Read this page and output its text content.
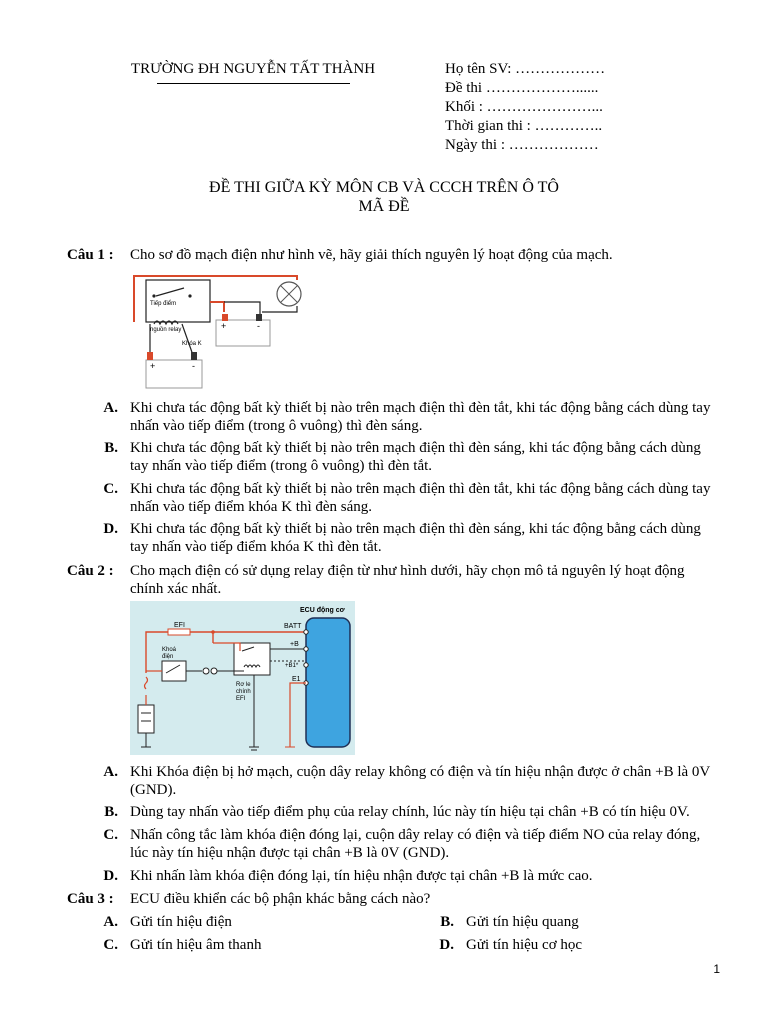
TRƯỜNG ĐH NGUYỄN TẤT THÀNH	Họ tên SV: ………………
Đề thi ………………......
Khối : …………………...
Thời gian thi : …………..
Ngày thi : ………………
ĐỀ THI GIỮA KỲ MÔN CB VÀ CCCH TRÊN Ô TÔ
MÃ ĐỀ
Câu 1 : Cho sơ đồ mạch điện như hình vẽ, hãy giải thích nguyên lý hoạt động của mạch.
Tiếp điểm
nguồn relay
Khóa K
+	-
+	-
A. Khi chưa tác động bất kỳ thiết bị nào trên mạch điện thì đèn tắt, khi tác động bằng cách dùng tay
nhấn vào tiếp điểm (trong ô vuông) thì đèn sáng.
B. Khi chưa tác động bất kỳ thiết bị nào trên mạch điện thì đèn sáng, khi tác động bằng cách dùng
tay nhấn vào tiếp điểm (trong ô vuông) thì đèn tắt.
C. Khi chưa tác động bất kỳ thiết bị nào trên mạch điện thì đèn tắt, khi tác động bằng cách dùng tay
nhấn vào tiếp điểm khóa K thì đèn sáng.
D. Khi chưa tác động bất kỳ thiết bị nào trên mạch điện thì đèn sáng, khi tác động bằng cách dùng
tay nhấn vào tiếp điểm khóa K thì đèn tắt.
Câu 2 : Cho mạch điện có sử dụng relay điện từ như hình dưới, hãy chọn mô tả nguyên lý hoạt động
chính xác nhất.
ECU động cơ
EFI	BATT
+B
+B1*
E1
Rơ le
chính
EFI
Khoá
điện
A. Khi Khóa điện bị hở mạch, cuộn dây relay không có điện và tín hiệu nhận được ở chân +B là 0V
(GND).
B. Dùng tay nhấn vào tiếp điểm phụ của relay chính, lúc này tín hiệu tại chân +B có tín hiệu 0V.
C. Nhấn công tắc làm khóa điện đóng lại, cuộn dây relay có điện và tiếp điểm NO của relay đóng,
lúc này tín hiệu nhận được tại chân +B là 0V (GND).
D. Khi nhấn làm khóa điện đóng lại, tín hiệu nhận được tại chân +B là mức cao.
Câu 3 : ECU điều khiển các bộ phận khác bằng cách nào?
A. Gửi tín hiệu điện	B. Gửi tín hiệu quang
C. Gửi tín hiệu âm thanh	D. Gửi tín hiệu cơ học
1
